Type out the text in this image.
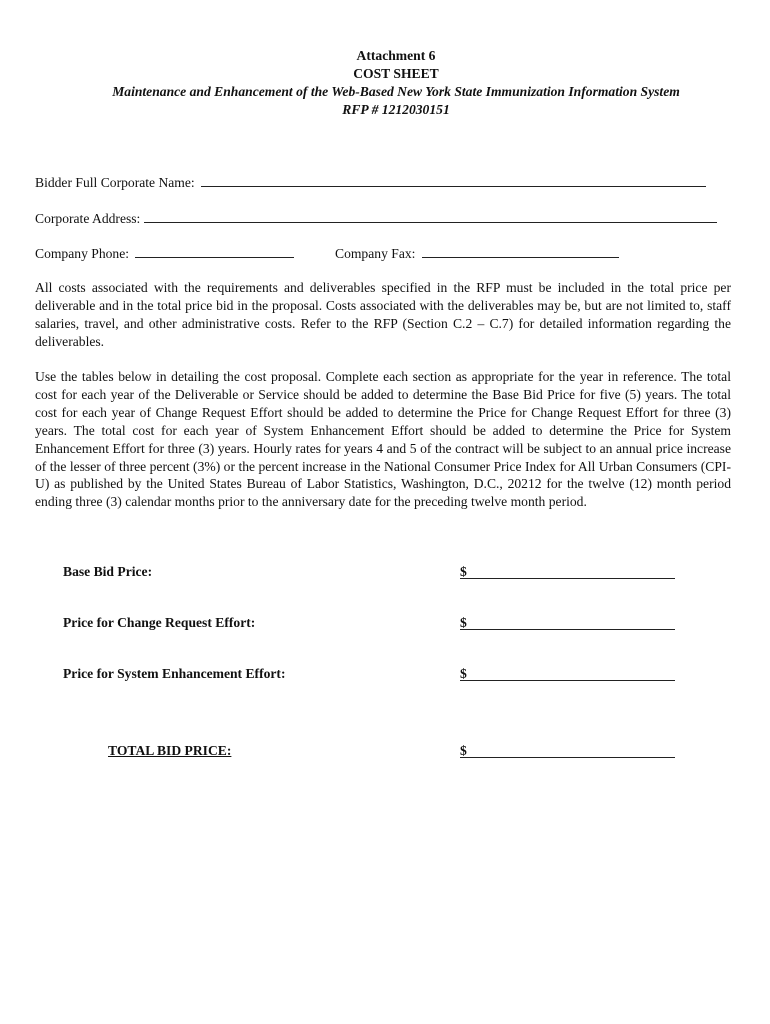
Attachment 6
COST SHEET
Maintenance and Enhancement of the Web-Based New York State Immunization Information System
RFP # 1212030151
Bidder Full Corporate Name:
Corporate Address:
Company Phone:	Company Fax:
All costs associated with the requirements and deliverables specified in the RFP must be included in the total price per deliverable and in the total price bid in the proposal. Costs associated with the deliverables may be, but are not limited to, staff salaries, travel, and other administrative costs. Refer to the RFP (Section C.2 – C.7) for detailed information regarding the deliverables.
Use the tables below in detailing the cost proposal. Complete each section as appropriate for the year in reference. The total cost for each year of the Deliverable or Service should be added to determine the Base Bid Price for five (5) years. The total cost for each year of Change Request Effort should be added to determine the Price for Change Request Effort for three (3) years. The total cost for each year of System Enhancement Effort should be added to determine the Price for System Enhancement Effort for three (3) years. Hourly rates for years 4 and 5 of the contract will be subject to an annual price increase of the lesser of three percent (3%) or the percent increase in the National Consumer Price Index for All Urban Consumers (CPI-U) as published by the United States Bureau of Labor Statistics, Washington, D.C., 20212 for the twelve (12) month period ending three (3) calendar months prior to the anniversary date for the preceding twelve month period.
Base Bid Price:	$
Price for Change Request Effort:	$
Price for System Enhancement Effort:	$
TOTAL BID PRICE:	$
